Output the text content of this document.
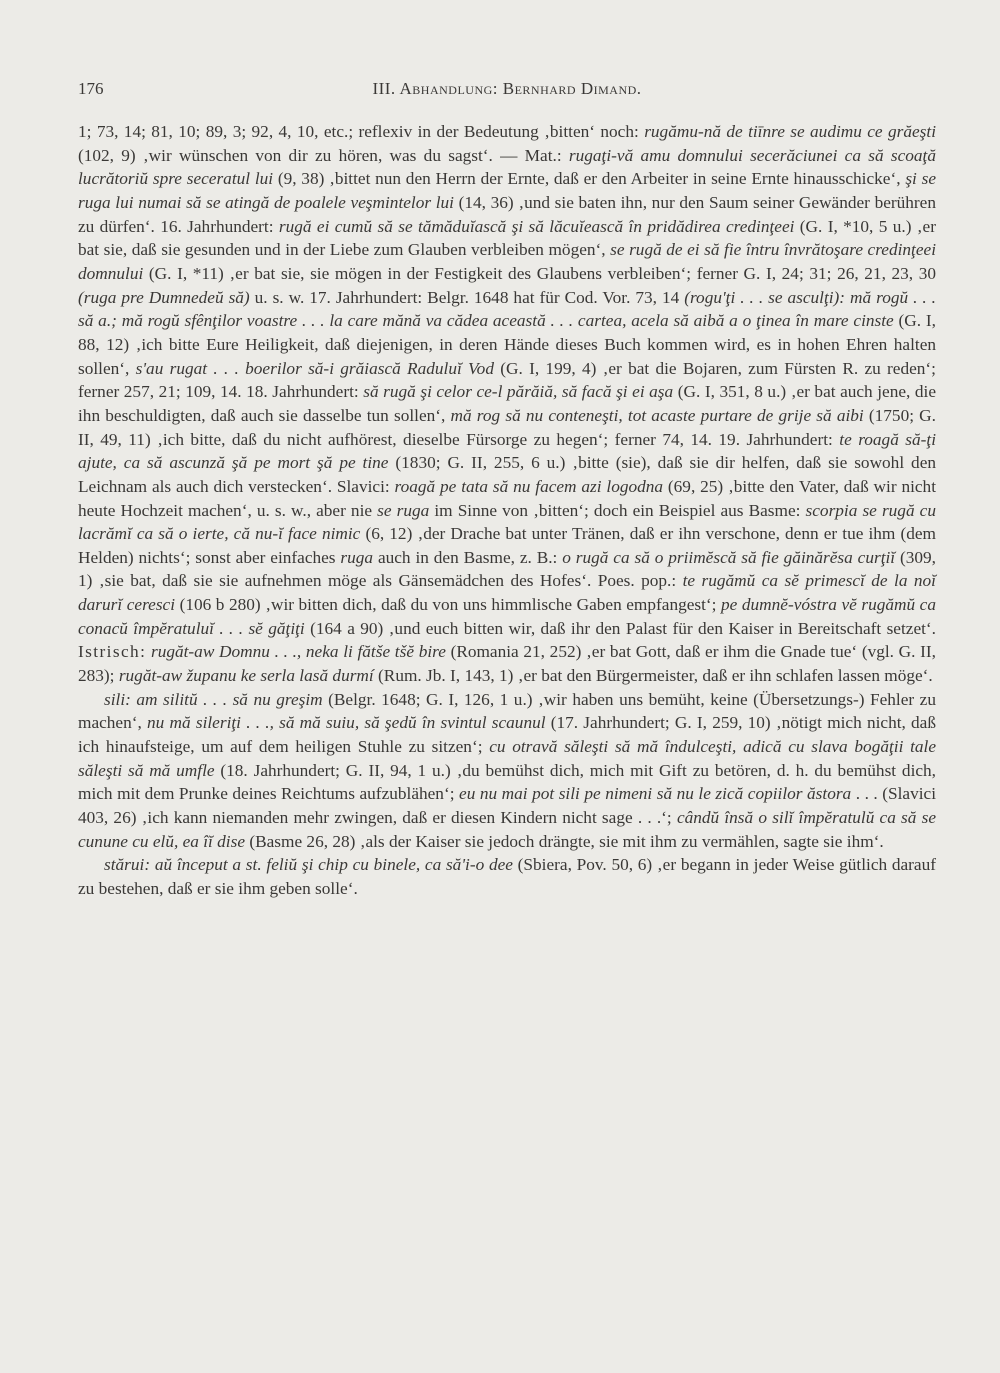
176	III. Abhandlung: Bernhard Dimand.

1; 73, 14; 81, 10; 89, 3; 92, 4, 10, etc.; reflexiv in der Bedeutung ‚bitten‘ noch: rugămu-nă de tiīnre se audimu ce grăeşti (102, 9) ‚wir wünschen von dir zu hören, was du sagst‘. — Mat.: rugaţi-vă amu domnului secerăciunei ca să scoaţă lucrătoriŭ spre seceratul lui (9, 38) ‚bittet nun den Herrn der Ernte, daß er den Arbeiter in seine Ernte hinausschicke‘, şi se ruga lui numai să se atingă de poalele veşmintelor lui (14, 36) ‚und sie baten ihn, nur den Saum seiner Gewänder berühren zu dürfen‘. 16. Jahrhundert: rugă ei cumŭ să se tămăduĭască şi să lăcuĭească în pridădirea credinţeei (G. I, *10, 5 u.) ‚er bat sie, daß sie gesunden und in der Liebe zum Glauben verbleiben mögen‘, se rugă de ei să fie întru învrătoşare credinţeei domnului (G. I, *11) ‚er bat sie, sie mögen in der Festigkeit des Glaubens verbleiben‘; ferner G. I, 24; 31; 26, 21, 23, 30 (ruga pre Dumnedeŭ să) u. s. w. 17. Jahrhundert: Belgr. 1648 hat für Cod. Vor. 73, 14 (rogu'ţi . . . se asculţi): mă rogŭ . . . să a.; mă rogŭ sfênţilor voastre . . . la care mănă va cădea această . . . cartea, acela să aibă a o ţinea în mare cinste (G. I, 88, 12) ‚ich bitte Eure Heiligkeit, daß diejenigen, in deren Hände dieses Buch kommen wird, es in hohen Ehren halten sollen‘, s'au rugat . . . boerilor să-i grăiască Raduluĭ Vod (G. I, 199, 4) ‚er bat die Bojaren, zum Fürsten R. zu reden‘; ferner 257, 21; 109, 14. 18. Jahrhundert: să rugă şi celor ce-l părăiă, să facă şi ei aşa (G. I, 351, 8 u.) ‚er bat auch jene, die ihn beschuldigten, daß auch sie dasselbe tun sollen‘, mă rog să nu conteneşti, tot acaste purtare de grije să aibi (1750; G. II, 49, 11) ‚ich bitte, daß du nicht aufhörest, dieselbe Fürsorge zu hegen‘; ferner 74, 14. 19. Jahrhundert: te roagă să-ţi ajute, ca să ascunză şă pe mort şă pe tine (1830; G. II, 255, 6 u.) ‚bitte (sie), daß sie dir helfen, daß sie sowohl den Leichnam als auch dich verstecken‘. Slavici: roagă pe tata să nu facem azi logodna (69, 25) ‚bitte den Vater, daß wir nicht heute Hochzeit machen‘, u. s. w., aber nie se ruga im Sinne von ‚bitten‘; doch ein Beispiel aus Basme: scorpia se rugă cu lacrămĭ ca să o ierte, că nu-ĭ face nimic (6, 12) ‚der Drache bat unter Tränen, daß er ihn verschone, denn er tue ihm (dem Helden) nichts‘; sonst aber einfaches ruga auch in den Basme, z. B.: o rugă ca să o priimĕscă să fie găinărĕsa curţiĭ (309, 1) ‚sie bat, daß sie sie aufnehmen möge als Gänsemädchen des Hofes‘. Poes. pop.: te rugămŭ ca sĕ primescĭ de la noĭ darurĭ ceresci (106 b 280) ‚wir bitten dich, daß du von uns himmlische Gaben empfangest‘; pe dumnĕ-vóstra vĕ rugămŭ ca conacŭ împĕratuluĭ . . . sĕ găţiţi (164 a 90) ‚und euch bitten wir, daß ihr den Palast für den Kaiser in Bereitschaft setzet‘. Istrisch: rugăt-aw Domnu . . ., neka li fătše tšĕ bire (Romania 21, 252) ‚er bat Gott, daß er ihm die Gnade tue‘ (vgl. G. II, 283); rugăt-aw županu ke serla lasă durmí (Rum. Jb. I, 143, 1) ‚er bat den Bürgermeister, daß er ihn schlafen lassen möge‘.

sili: am silitŭ . . . să nu greşim (Belgr. 1648; G. I, 126, 1 u.) ‚wir haben uns bemüht, keine (Übersetzungs-) Fehler zu machen‘, nu mă sileriţi . . ., să mă suiu, să şedŭ în svintul scaunul (17. Jahrhundert; G. I, 259, 10) ‚nötigt mich nicht, daß ich hinaufsteige, um auf dem heiligen Stuhle zu sitzen‘; cu otravă săleşti să mă îndulceşti, adică cu slava bogăţii tale săleşti să mă umfle (18. Jahrhundert; G. II, 94, 1 u.) ‚du bemühst dich, mich mit Gift zu betören, d. h. du bemühst dich, mich mit dem Prunke deines Reichtums aufzublähen‘; eu nu mai pot sili pe nimeni să nu le zică copiilor ăstora . . . (Slavici 403, 26) ‚ich kann niemanden mehr zwingen, daß er diesen Kindern nicht sage . . .‘; cândŭ însă o silĭ împĕratulŭ ca să se cunune cu elŭ, ea îĭ dise (Basme 26, 28) ‚als der Kaiser sie jedoch drängte, sie mit ihm zu vermählen, sagte sie ihm‘.

stărui: aŭ început a st. feliŭ şi chip cu binele, ca să'i-o dee (Sbiera, Pov. 50, 6) ‚er begann in jeder Weise gütlich darauf zu bestehen, daß er sie ihm geben solle‘.
